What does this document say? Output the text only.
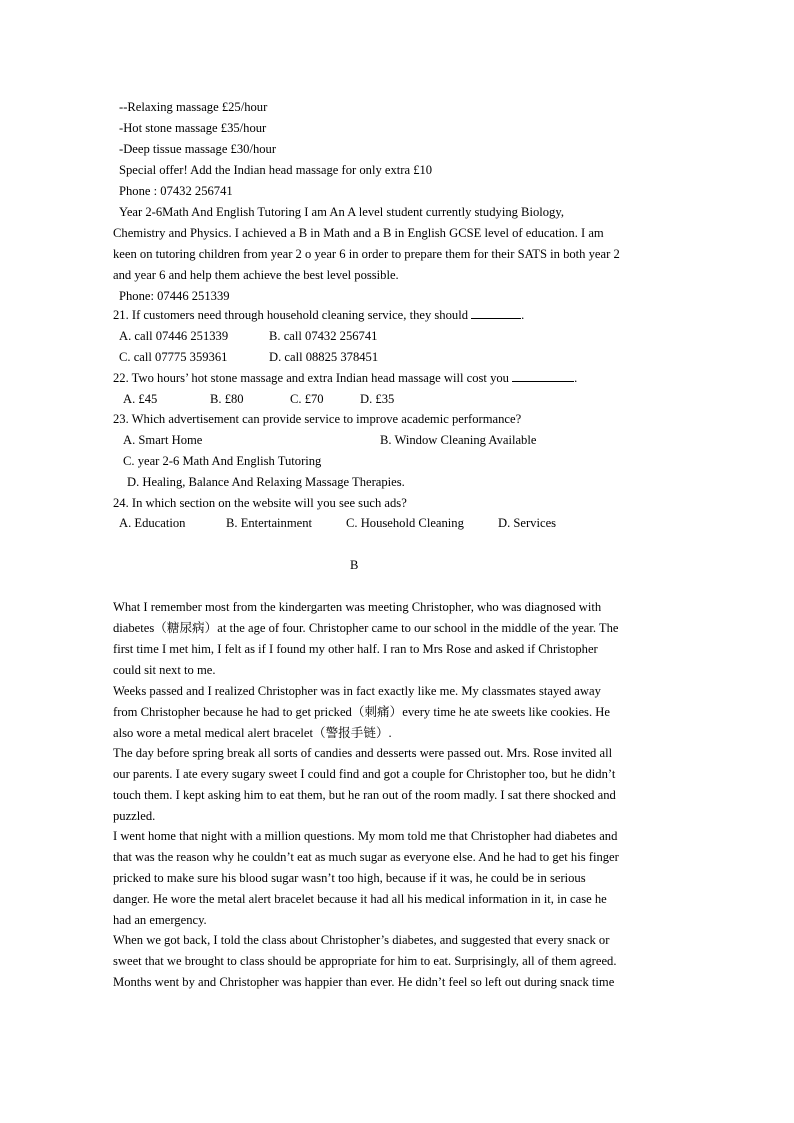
--Relaxing massage £25/hour

-Hot stone massage £35/hour

-Deep tissue massage £30/hour

Special offer! Add the Indian head massage for only extra £10

Phone : 07432 256741

Year 2-6Math And English Tutoring I am An A level student currently studying Biology,

Chemistry and Physics. I achieved a B in Math and a B in English GCSE level of education. I am

keen on tutoring children from year 2 o year 6 in order to prepare them for their SATS in both year 2

and year 6 and help them achieve the best level possible.

Phone: 07446 251339

21. If customers need through household cleaning service, they should	.

A. call 07446 251339	B. call 07432 256741

C. call 07775 359361	D. call 08825 378451

22. Two hours’ hot stone massage and extra Indian head massage will cost you	.

A. £45	B. £80	C. £70	D. £35

23. Which advertisement can provide service to improve academic performance?

A. Smart Home	B. Window Cleaning Available

C. year 2-6 Math And English Tutoring

D. Healing, Balance And Relaxing Massage Therapies.

24. In which section on the website will you see such ads?

A. Education	B. Entertainment	C. Household Cleaning	D. Services

B

What I remember most from the kindergarten was meeting Christopher, who was diagnosed with

diabetes（糖尿病）at the age of four. Christopher came to our school in the middle of the year. The

first time I met him, I felt as if I found my other half. I ran to Mrs Rose and asked if Christopher

could sit next to me.

Weeks passed and I realized Christopher was in fact exactly like me. My classmates stayed away

from Christopher because he had to get pricked（刺痛）every time he ate sweets like cookies. He

also wore a metal medical alert bracelet（警报手链）.

The day before spring break all sorts of candies and desserts were passed out. Mrs. Rose invited all

our parents. I ate every sugary sweet I could find and got a couple for Christopher too, but he didn’t

touch them. I kept asking him to eat them, but he ran out of the room madly. I sat there shocked and

puzzled.

I went home that night with a million questions. My mom told me that Christopher had diabetes and

that was the reason why he couldn’t eat as much sugar as everyone else. And he had to get his finger

pricked to make sure his blood sugar wasn’t too high, because if it was, he could be in serious

danger. He wore the metal alert bracelet because it had all his medical information in it, in case he

had an emergency.

When we got back, I told the class about Christopher’s diabetes, and suggested that every snack or

sweet that we brought to class should be appropriate for him to eat. Surprisingly, all of them agreed.

Months went by and Christopher was happier than ever. He didn’t feel so left out during snack time
